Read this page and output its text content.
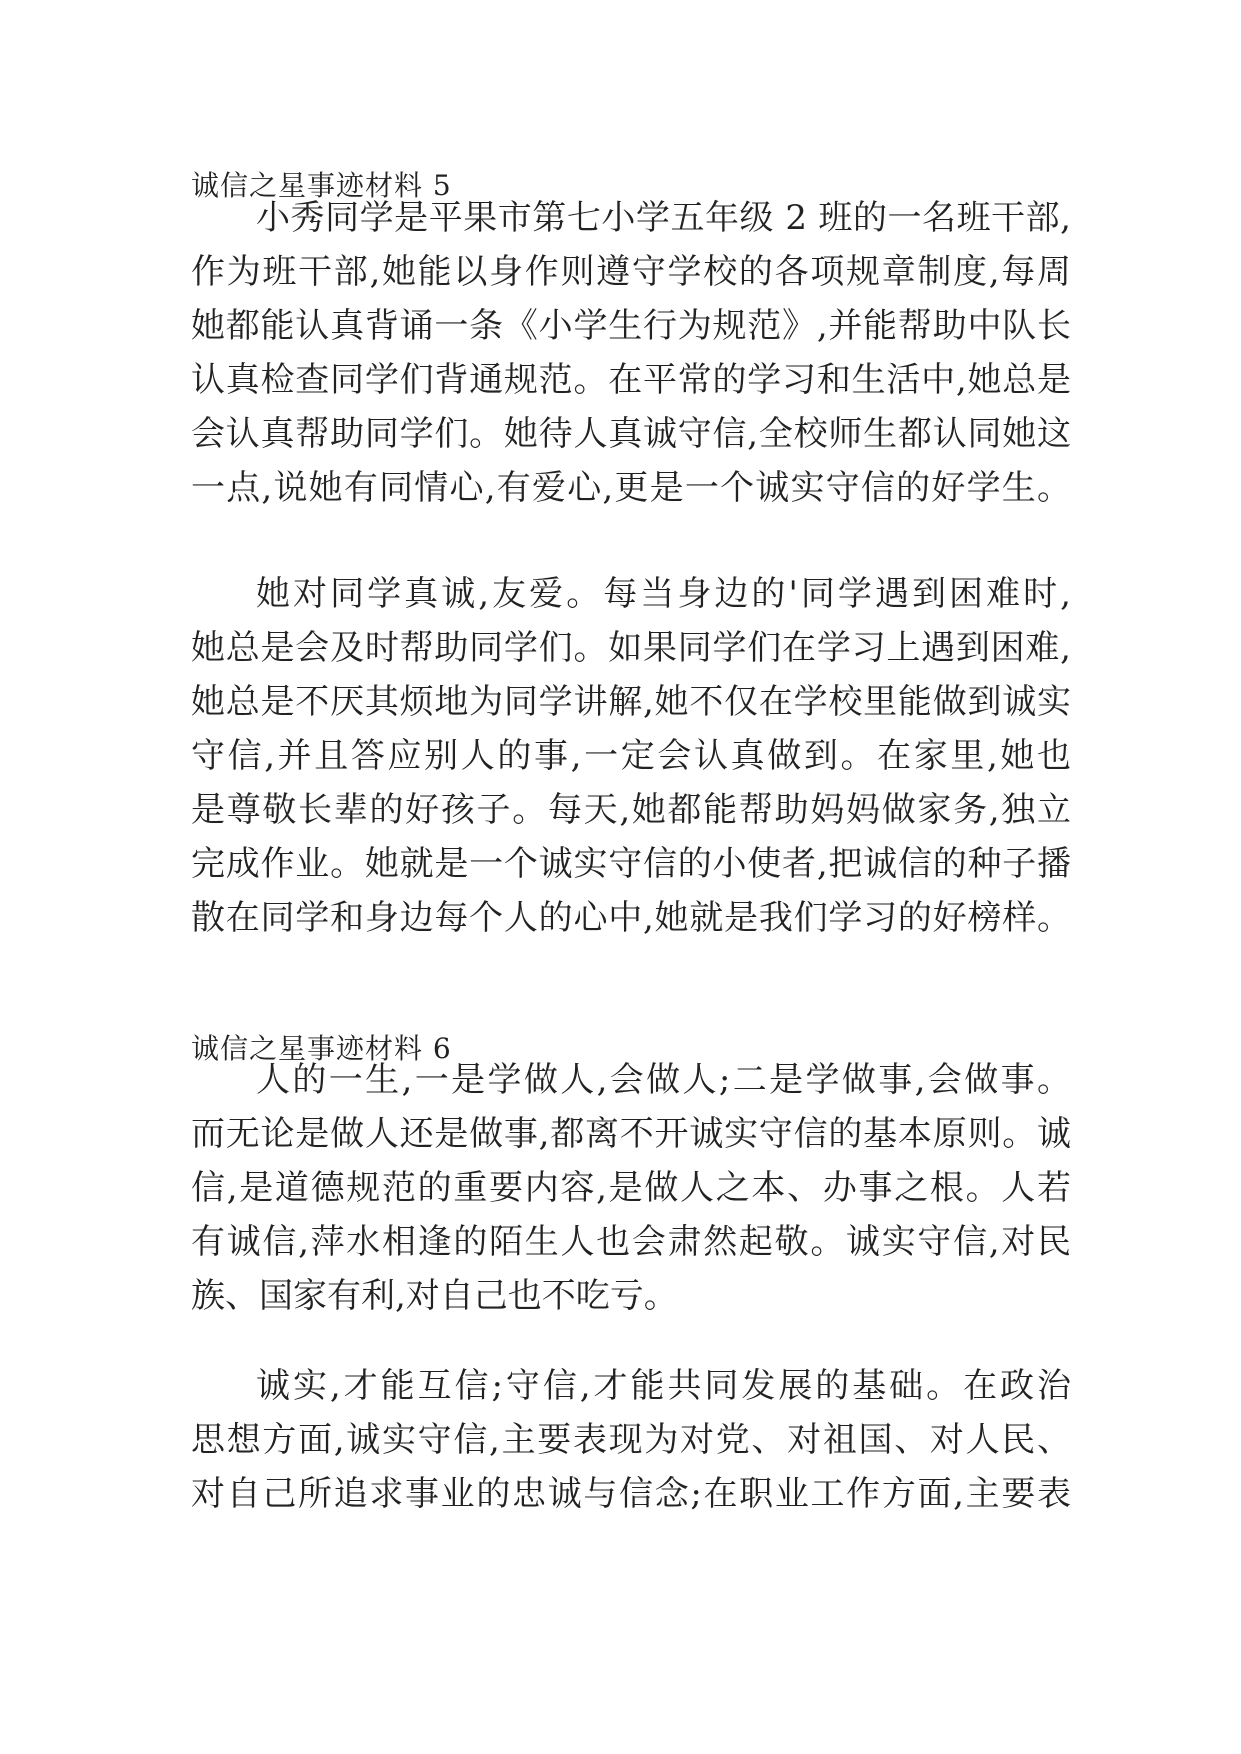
诚信之星事迹材料 5
小秀同学是平果市第七小学五年级 2 班的一名班干部,
作为班干部,她能以身作则遵守学校的各项规章制度,每周
她都能认真背诵一条《小学生行为规范》,并能帮助中队长
认真检查同学们背通规范。在平常的学习和生活中,她总是
会认真帮助同学们。她待人真诚守信,全校师生都认同她这
一点,说她有同情心,有爱心,更是一个诚实守信的好学生。
她对同学真诚,友爱。每当身边的'同学遇到困难时,
她总是会及时帮助同学们。如果同学们在学习上遇到困难,
她总是不厌其烦地为同学讲解,她不仅在学校里能做到诚实
守信,并且答应别人的事,一定会认真做到。在家里,她也
是尊敬长辈的好孩子。每天,她都能帮助妈妈做家务,独立
完成作业。她就是一个诚实守信的小使者,把诚信的种子播
散在同学和身边每个人的心中,她就是我们学习的好榜样。
诚信之星事迹材料 6
人的一生,一是学做人,会做人;二是学做事,会做事。
而无论是做人还是做事,都离不开诚实守信的基本原则。诚
信,是道德规范的重要内容,是做人之本、办事之根。人若
有诚信,萍水相逢的陌生人也会肃然起敬。诚实守信,对民
族、国家有利,对自己也不吃亏。
诚实,才能互信;守信,才能共同发展的基础。在政治
思想方面,诚实守信,主要表现为对党、对祖国、对人民、
对自己所追求事业的忠诚与信念;在职业工作方面,主要表
